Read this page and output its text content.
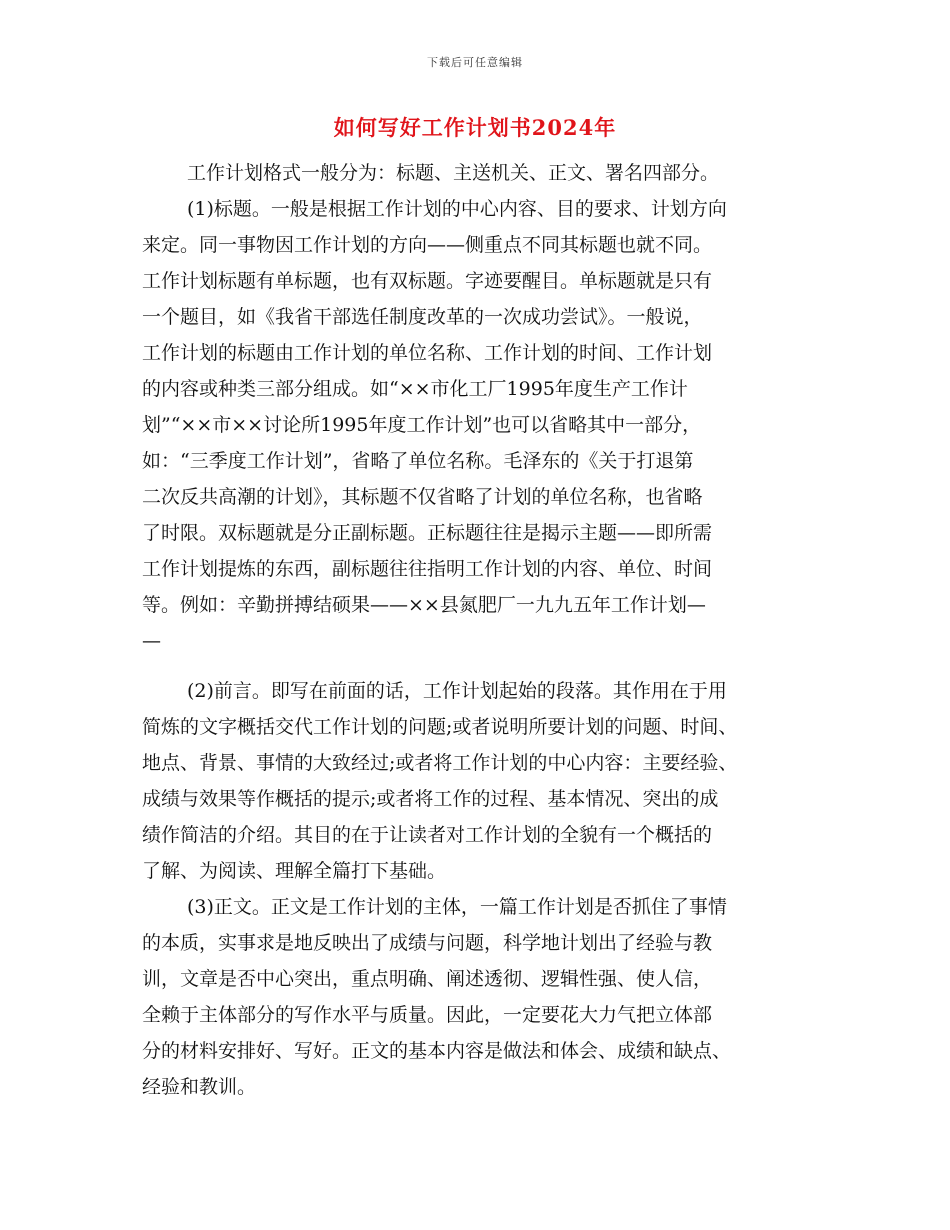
下载后可任意编辑
如何写好工作计划书2024年
工作计划格式一般分为：标题、主送机关、正文、署名四部分。
(1)标题。一般是根据工作计划的中心内容、目的要求、计划方向
来定。同一事物因工作计划的方向——侧重点不同其标题也就不同。
工作计划标题有单标题，也有双标题。字迹要醒目。单标题就是只有
一个题目，如《我省干部选任制度改革的一次成功尝试》。一般说，
工作计划的标题由工作计划的单位名称、工作计划的时间、工作计划
的内容或种类三部分组成。如“××市化工厂1995年度生产工作计
划”“××市××讨论所1995年度工作计划”也可以省略其中一部分，
如：“三季度工作计划”，省略了单位名称。毛泽东的《关于打退第
二次反共高潮的计划》，其标题不仅省略了计划的单位名称，也省略
了时限。双标题就是分正副标题。正标题往往是揭示主题——即所需
工作计划提炼的东西，副标题往往指明工作计划的内容、单位、时间
等。例如：辛勤拼搏结硕果——××县氮肥厂一九九五年工作计划—
—
(2)前言。即写在前面的话，工作计划起始的段落。其作用在于用
简炼的文字概括交代工作计划的问题;或者说明所要计划的问题、时间、
地点、背景、事情的大致经过;或者将工作计划的中心内容：主要经验、
成绩与效果等作概括的提示;或者将工作的过程、基本情况、突出的成
绩作简洁的介绍。其目的在于让读者对工作计划的全貌有一个概括的
了解、为阅读、理解全篇打下基础。
(3)正文。正文是工作计划的主体，一篇工作计划是否抓住了事情
的本质，实事求是地反映出了成绩与问题，科学地计划出了经验与教
训，文章是否中心突出，重点明确、阐述透彻、逻辑性强、使人信，
全赖于主体部分的写作水平与质量。因此，一定要花大力气把立体部
分的材料安排好、写好。正文的基本内容是做法和体会、成绩和缺点、
经验和教训。
